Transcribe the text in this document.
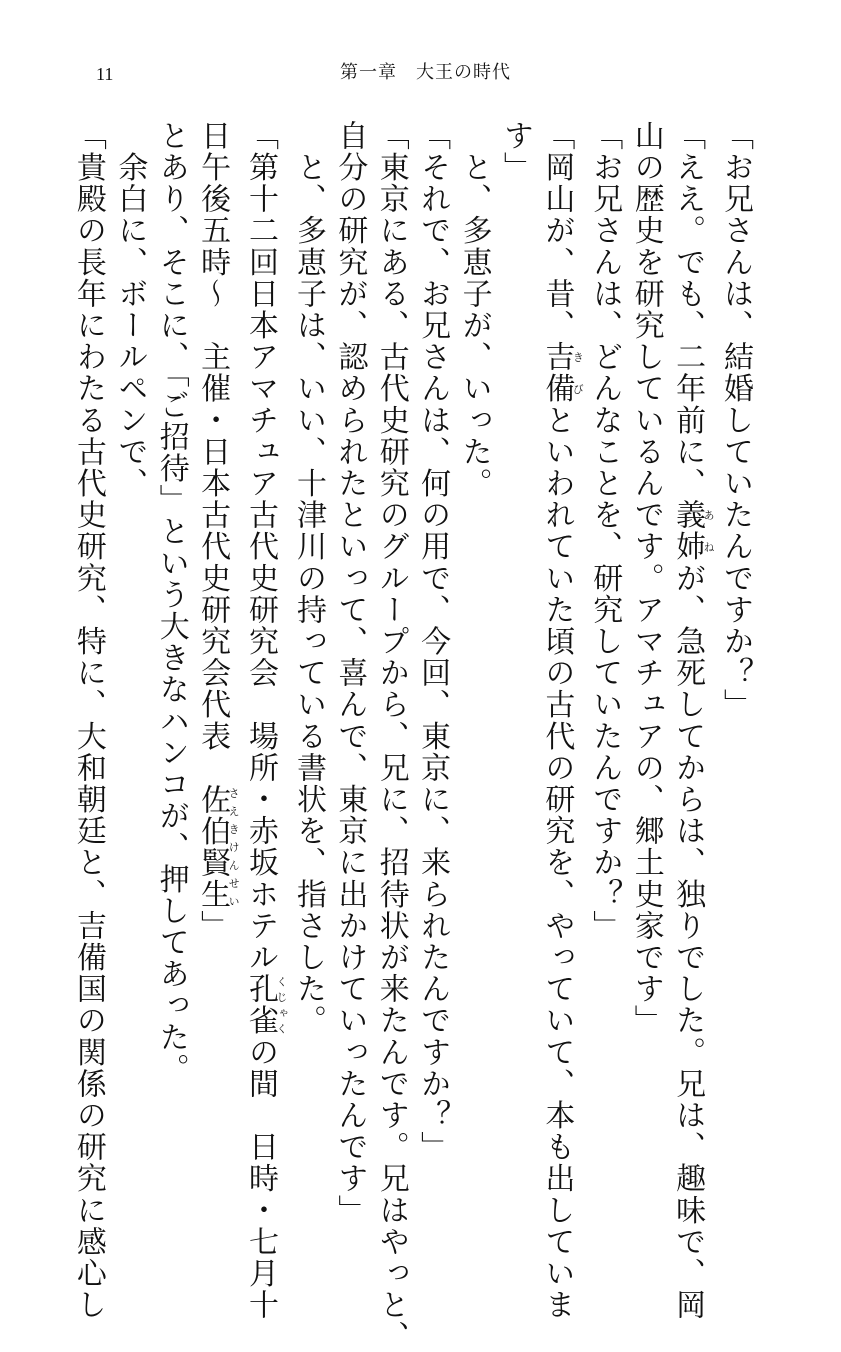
11	第一章　大王の時代
「お兄さんは、結婚していたんですか？」
「ええ。でも、二年前に、義姉あねが、急死してからは、独りでした。兄は、趣味で、岡
山の歴史を研究しているんです。アマチュアの、郷土史家です」
「お兄さんは、どんなことを、研究していたんですか？」
「岡山が、昔、吉備きびといわれていた頃の古代の研究を、やっていて、本も出していま
す」
　と、多恵子が、いった。
「それで、お兄さんは、何の用で、今回、東京に、来られたんですか？」
「東京にある、古代史研究のグループから、兄に、招待状が来たんです。兄はやっと、
自分の研究が、認められたといって、喜んで、東京に出かけていったんです」
　と、多恵子は、いい、十津川の持っている書状を、指さした。
「第十二回日本アマチュア古代史研究会　場所・赤坂ホテル孔雀くじゃくの間　日時・七月十
日午後五時～　主催・日本古代史研究会代表　佐伯賢生さえきけんせい」
とあり、そこに、「ご招待」という大きなハンコが、押してあった。
　余白に、ボールペンで、
「貴殿の長年にわたる古代史研究、特に、大和朝廷と、吉備国の関係の研究に感心し
